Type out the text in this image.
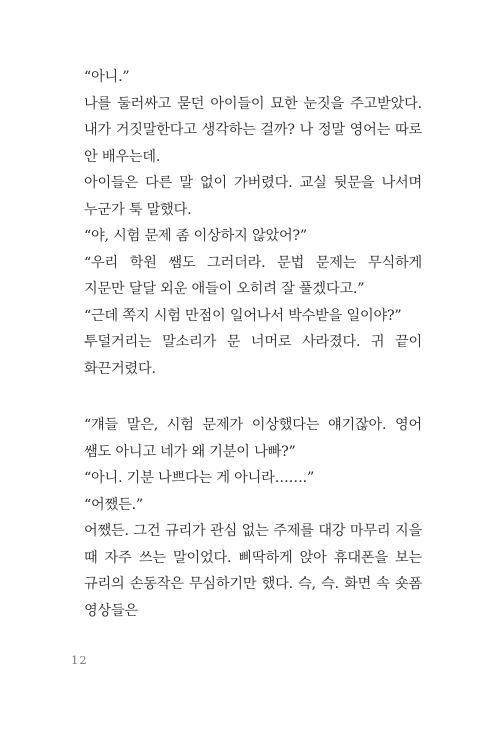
“아니.”

나를 둘러싸고 묻던 아이들이 묘한 눈짓을 주고받았다. 내가 거짓말한다고 생각하는 걸까? 나 정말 영어는 따로 안 배우는데.

아이들은 다른 말 없이 가버렸다. 교실 뒷문을 나서며 누군가 툭 말했다.

“야, 시험 문제 좀 이상하지 않았어?”

“우리 학원 쌤도 그러더라. 문법 문제는 무식하게 지문만 달달 외운 애들이 오히려 잘 풀겠다고.”

“근데 쪽지 시험 만점이 일어나서 박수받을 일이야?”

투덜거리는 말소리가 문 너머로 사라졌다. 귀 끝이 화끈거렸다.

“걔들 말은, 시험 문제가 이상했다는 얘기잖아. 영어 쌤도 아니고 네가 왜 기분이 나빠?”

“아니. 기분 나쁘다는 게 아니라…….”

“어쨌든.”

어쨌든. 그건 규리가 관심 없는 주제를 대강 마무리 지을 때 자주 쓰는 말이었다. 삐딱하게 앉아 휴대폰을 보는 규리의 손동작은 무심하기만 했다. 슥, 슥. 화면 속 숏폼 영상들은

12
